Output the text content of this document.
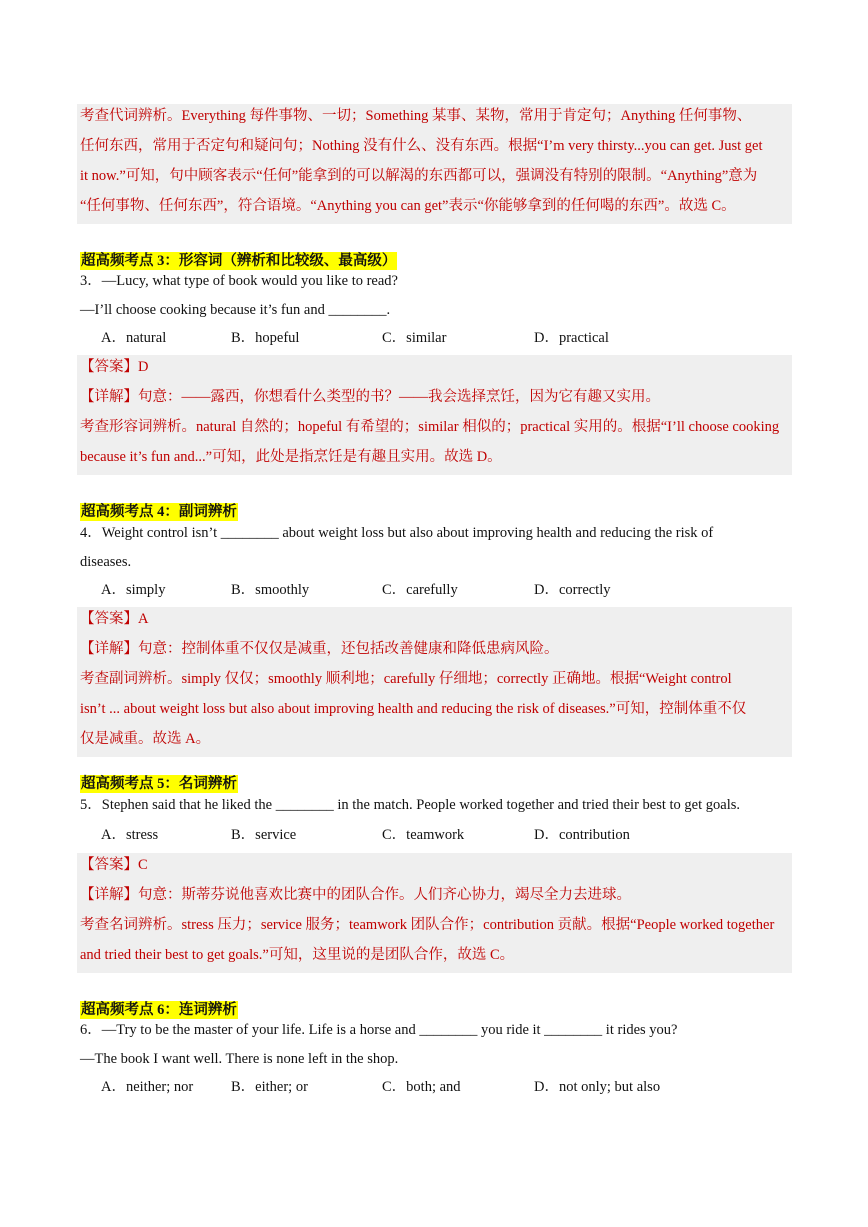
考查代词辨析。Everything 每件事物、一切；Something 某事、某物，常用于肯定句；Anything 任何事物、
任何东西，常用于否定句和疑问句；Nothing 没有什么、没有东西。根据“I’m very thirsty...you can get. Just get
it now.”可知，句中顾客表示“任何”能拿到的可以解渴的东西都可以，强调没有特别的限制。“Anything”意为
“任何事物、任何东西”，符合语境。“Anything you can get”表示“你能够拿到的任何喝的东西”。故选 C。
超高频考点 3：形容词（辨析和比较级、最高级）
3．—Lucy, what type of book would you like to read?
—I’ll choose cooking because it’s fun and ________.
A．natural	B．hopeful	C．similar	D．practical
【答案】D
【详解】句意：——露西，你想看什么类型的书？——我会选择烹饪，因为它有趣又实用。
考查形容词辨析。natural 自然的；hopeful 有希望的；similar 相似的；practical 实用的。根据“I’ll choose cooking
because it’s fun and...”可知，此处是指烹饪是有趣且实用。故选 D。
超高频考点 4：副词辨析
4．Weight control isn’t ________ about weight loss but also about improving health and reducing the risk of
diseases.
A．simply	B．smoothly	C．carefully	D．correctly
【答案】A
【详解】句意：控制体重不仅仅是减重，还包括改善健康和降低患病风险。
考查副词辨析。simply 仅仅；smoothly 顺利地；carefully 仔细地；correctly 正确地。根据“Weight control
isn’t ... about weight loss but also about improving health and reducing the risk of diseases.”可知，控制体重不仅
仅是减重。故选 A。
超高频考点 5：名词辨析
5．Stephen said that he liked the ________ in the match. People worked together and tried their best to get goals.
A．stress	B．service	C．teamwork	D．contribution
【答案】C
【详解】句意：斯蒂芬说他喜欢比赛中的团队合作。人们齐心协力，竭尽全力去进球。
考查名词辨析。stress 压力；service 服务；teamwork 团队合作；contribution 贡献。根据“People worked together
and tried their best to get goals.”可知，这里说的是团队合作，故选 C。
超高频考点 6：连词辨析
6．—Try to be the master of your life. Life is a horse and ________ you ride it ________ it rides you?
—The book I want well. There is none left in the shop.
A．neither; nor	B．either; or	C．both; and	D．not only; but also
